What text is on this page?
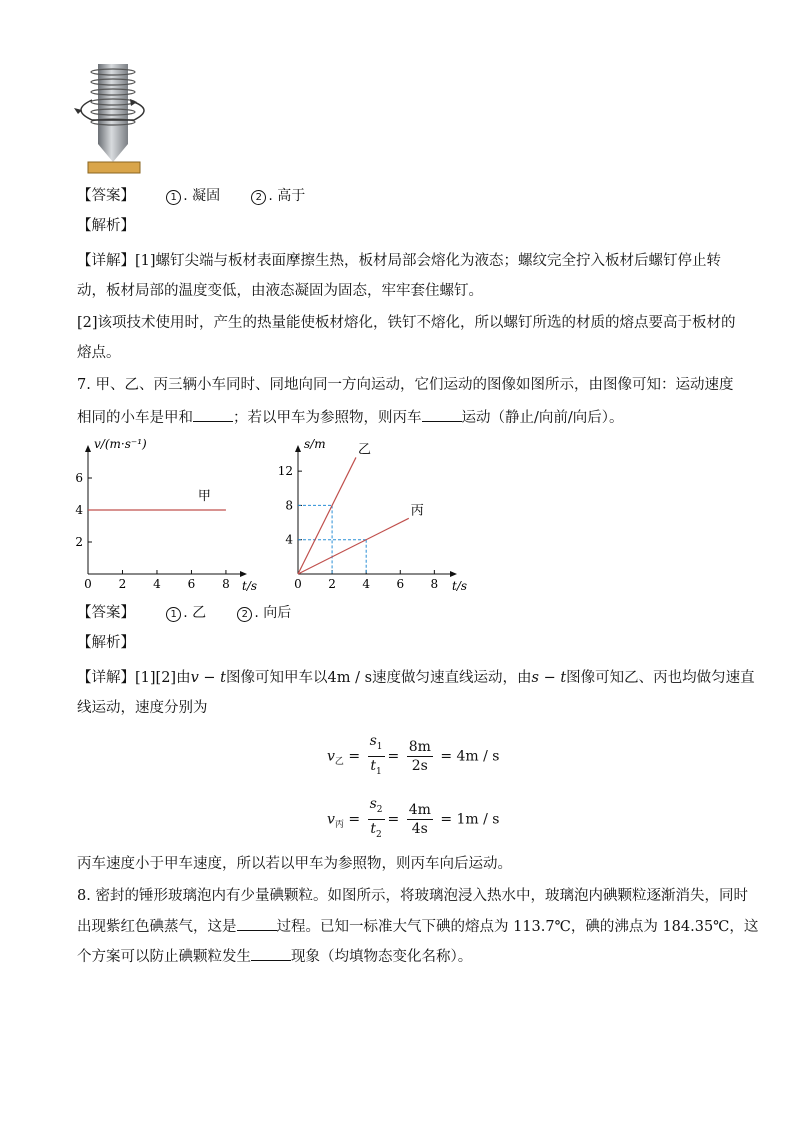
【答案】	1 . 凝固	2 . 高于
【解析】
【详解】[1]螺钉尖端与板材表面摩擦生热，板材局部会熔化为液态；螺纹完全拧入板材后螺钉停止转
动，板材局部的温度变低，由液态凝固为固态，牢牢套住螺钉。
[2]该项技术使用时，产生的热量能使板材熔化，铁钉不熔化，所以螺钉所选的材质的熔点要高于板材的
熔点。
7. 甲、乙、丙三辆小车同时、同地向同一方向运动，它们运动的图像如图所示，由图像可知：运动速度
相同的小车是甲和	；若以甲车为参照物，则丙车	运动（静止/向前/向后）。
0 2 4 6 8
2
4
6
v/(m·s⁻¹)
t/s
甲
0 2 4 6 8
4
8
12
s/m
t/s
乙
丙
【答案】	1 . 乙	2 . 向后
【解析】
【详解】[1][2]由v − t图像可知甲车以4m / s速度做匀速直线运动，由s − t图像可知乙、丙也均做匀速直
线运动，速度分别为
$v_乙 = \frac{s_1}{t_1} = \frac{8m}{2s} = 4m / s$
$v_丙 = \frac{s_2}{t_2} = \frac{4m}{4s} = 1m / s$
丙车速度小于甲车速度，所以若以甲车为参照物，则丙车向后运动。
8. 密封的锤形玻璃泡内有少量碘颗粒。如图所示，将玻璃泡浸入热水中，玻璃泡内碘颗粒逐渐消失，同时
出现紫红色碘蒸气，这是	过程。已知一标准大气下碘的熔点为 113.7℃，碘的沸点为 184.35℃，这
个方案可以防止碘颗粒发生	现象（均填物态变化名称）。
